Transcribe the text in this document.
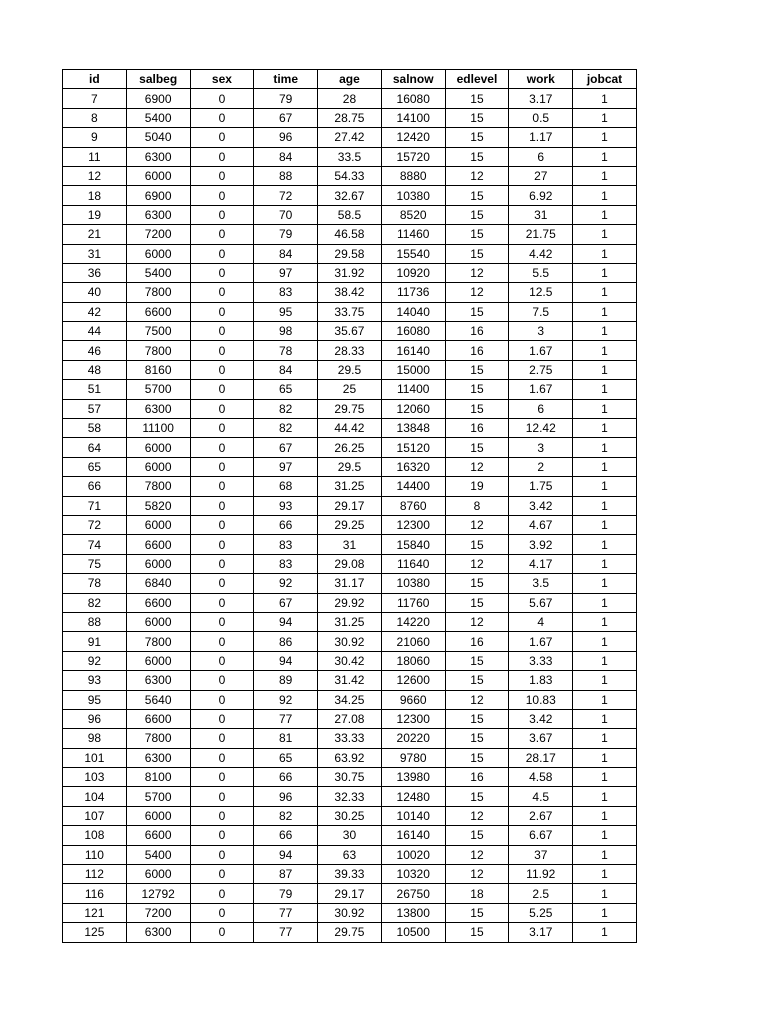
id	salbeg	sex	time	age	salnow	edlevel	work	jobcat
7	6900	0	79	28	16080	15	3.17	1
8	5400	0	67	28.75	14100	15	0.5	1
9	5040	0	96	27.42	12420	15	1.17	1
11	6300	0	84	33.5	15720	15	6	1
12	6000	0	88	54.33	8880	12	27	1
18	6900	0	72	32.67	10380	15	6.92	1
19	6300	0	70	58.5	8520	15	31	1
21	7200	0	79	46.58	11460	15	21.75	1
31	6000	0	84	29.58	15540	15	4.42	1
36	5400	0	97	31.92	10920	12	5.5	1
40	7800	0	83	38.42	11736	12	12.5	1
42	6600	0	95	33.75	14040	15	7.5	1
44	7500	0	98	35.67	16080	16	3	1
46	7800	0	78	28.33	16140	16	1.67	1
48	8160	0	84	29.5	15000	15	2.75	1
51	5700	0	65	25	11400	15	1.67	1
57	6300	0	82	29.75	12060	15	6	1
58	11100	0	82	44.42	13848	16	12.42	1
64	6000	0	67	26.25	15120	15	3	1
65	6000	0	97	29.5	16320	12	2	1
66	7800	0	68	31.25	14400	19	1.75	1
71	5820	0	93	29.17	8760	8	3.42	1
72	6000	0	66	29.25	12300	12	4.67	1
74	6600	0	83	31	15840	15	3.92	1
75	6000	0	83	29.08	11640	12	4.17	1
78	6840	0	92	31.17	10380	15	3.5	1
82	6600	0	67	29.92	11760	15	5.67	1
88	6000	0	94	31.25	14220	12	4	1
91	7800	0	86	30.92	21060	16	1.67	1
92	6000	0	94	30.42	18060	15	3.33	1
93	6300	0	89	31.42	12600	15	1.83	1
95	5640	0	92	34.25	9660	12	10.83	1
96	6600	0	77	27.08	12300	15	3.42	1
98	7800	0	81	33.33	20220	15	3.67	1
101	6300	0	65	63.92	9780	15	28.17	1
103	8100	0	66	30.75	13980	16	4.58	1
104	5700	0	96	32.33	12480	15	4.5	1
107	6000	0	82	30.25	10140	12	2.67	1
108	6600	0	66	30	16140	15	6.67	1
110	5400	0	94	63	10020	12	37	1
112	6000	0	87	39.33	10320	12	11.92	1
116	12792	0	79	29.17	26750	18	2.5	1
121	7200	0	77	30.92	13800	15	5.25	1
125	6300	0	77	29.75	10500	15	3.17	1
